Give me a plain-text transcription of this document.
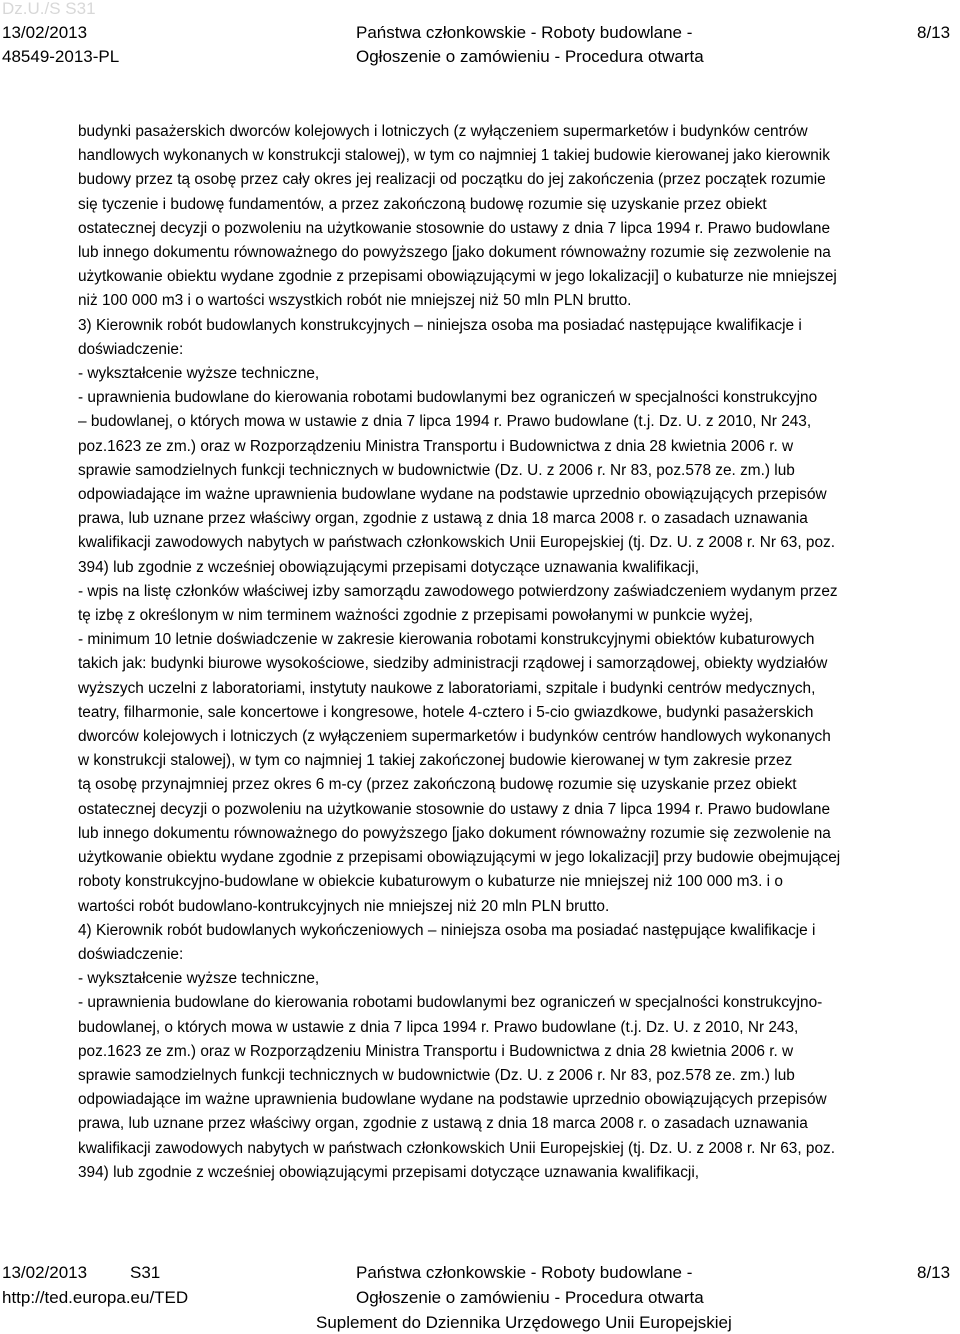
Dz.U./S S31
13/02/2013
48549-2013-PL
Państwa członkowskie - Roboty budowlane -
Ogłoszenie o zamówieniu - Procedura otwarta
8/13

budynki pasażerskich dworców kolejowych i lotniczych (z wyłączeniem supermarketów i budynków centrów

handlowych wykonanych w konstrukcji stalowej), w tym co najmniej 1 takiej budowie kierowanej jako kierownik

budowy przez tą osobę przez cały okres jej realizacji od początku do jej zakończenia (przez początek rozumie

się tyczenie i budowę fundamentów, a przez zakończoną budowę rozumie się uzyskanie przez obiekt

ostatecznej decyzji o pozwoleniu na użytkowanie stosownie do ustawy z dnia 7 lipca 1994 r. Prawo budowlane

lub innego dokumentu równoważnego do powyższego [jako dokument równoważny rozumie się zezwolenie na

użytkowanie obiektu wydane zgodnie z przepisami obowiązującymi w jego lokalizacji] o kubaturze nie mniejszej

niż 100 000 m3 i o wartości wszystkich robót nie mniejszej niż 50 mln PLN brutto.

3) Kierownik robót budowlanych konstrukcyjnych – niniejsza osoba ma posiadać następujące kwalifikacje i

doświadczenie:

- wykształcenie wyższe techniczne,

- uprawnienia budowlane do kierowania robotami budowlanymi bez ograniczeń w specjalności konstrukcyjno

– budowlanej, o których mowa w ustawie z dnia 7 lipca 1994 r. Prawo budowlane (t.j. Dz. U. z 2010, Nr 243,

poz.1623 ze zm.) oraz w Rozporządzeniu Ministra Transportu i Budownictwa z dnia 28 kwietnia 2006 r. w

sprawie samodzielnych funkcji technicznych w budownictwie (Dz. U. z 2006 r. Nr 83, poz.578 ze. zm.) lub

odpowiadające im ważne uprawnienia budowlane wydane na podstawie uprzednio obowiązujących przepisów

prawa, lub uznane przez właściwy organ, zgodnie z ustawą z dnia 18 marca 2008 r. o zasadach uznawania

kwalifikacji zawodowych nabytych w państwach członkowskich Unii Europejskiej (tj. Dz. U. z 2008 r. Nr 63, poz.

394) lub zgodnie z wcześniej obowiązującymi przepisami dotyczące uznawania kwalifikacji,

- wpis na listę członków właściwej izby samorządu zawodowego potwierdzony zaświadczeniem wydanym przez

tę izbę z określonym w nim terminem ważności zgodnie z przepisami powołanymi w punkcie wyżej,

- minimum 10 letnie doświadczenie w zakresie kierowania robotami konstrukcyjnymi obiektów kubaturowych

takich jak: budynki biurowe wysokościowe, siedziby administracji rządowej i samorządowej, obiekty wydziałów

wyższych uczelni z laboratoriami, instytuty naukowe z laboratoriami, szpitale i budynki centrów medycznych,

teatry, filharmonie, sale koncertowe i kongresowe, hotele 4-cztero i 5-cio gwiazdkowe, budynki pasażerskich

dworców kolejowych i lotniczych (z wyłączeniem supermarketów i budynków centrów handlowych wykonanych

w konstrukcji stalowej), w tym co najmniej 1 takiej zakończonej budowie kierowanej w tym zakresie przez

tą osobę przynajmniej przez okres 6 m-cy (przez zakończoną budowę rozumie się uzyskanie przez obiekt

ostatecznej decyzji o pozwoleniu na użytkowanie stosownie do ustawy z dnia 7 lipca 1994 r. Prawo budowlane

lub innego dokumentu równoważnego do powyższego [jako dokument równoważny rozumie się zezwolenie na

użytkowanie obiektu wydane zgodnie z przepisami obowiązującymi w jego lokalizacji] przy budowie obejmującej

roboty konstrukcyjno-budowlane w obiekcie kubaturowym o kubaturze nie mniejszej niż 100 000 m3. i o

wartości robót budowlano-kontrukcyjnych nie mniejszej niż 20 mln PLN brutto.

4) Kierownik robót budowlanych wykończeniowych – niniejsza osoba ma posiadać następujące kwalifikacje i

doświadczenie:

- wykształcenie wyższe techniczne,

- uprawnienia budowlane do kierowania robotami budowlanymi bez ograniczeń w specjalności konstrukcyjno-

budowlanej, o których mowa w ustawie z dnia 7 lipca 1994 r. Prawo budowlane (t.j. Dz. U. z 2010, Nr 243,

poz.1623 ze zm.) oraz w Rozporządzeniu Ministra Transportu i Budownictwa z dnia 28 kwietnia 2006 r. w

sprawie samodzielnych funkcji technicznych w budownictwie (Dz. U. z 2006 r. Nr 83, poz.578 ze. zm.) lub

odpowiadające im ważne uprawnienia budowlane wydane na podstawie uprzednio obowiązujących przepisów

prawa, lub uznane przez właściwy organ, zgodnie z ustawą z dnia 18 marca 2008 r. o zasadach uznawania

kwalifikacji zawodowych nabytych w państwach członkowskich Unii Europejskiej (tj. Dz. U. z 2008 r. Nr 63, poz.

394) lub zgodnie z wcześniej obowiązującymi przepisami dotyczące uznawania kwalifikacji,

13/02/2013	S31
http://ted.europa.eu/TED
Państwa członkowskie - Roboty budowlane -
Ogłoszenie o zamówieniu - Procedura otwarta
Suplement do Dziennika Urzędowego Unii Europejskiej
8/13
